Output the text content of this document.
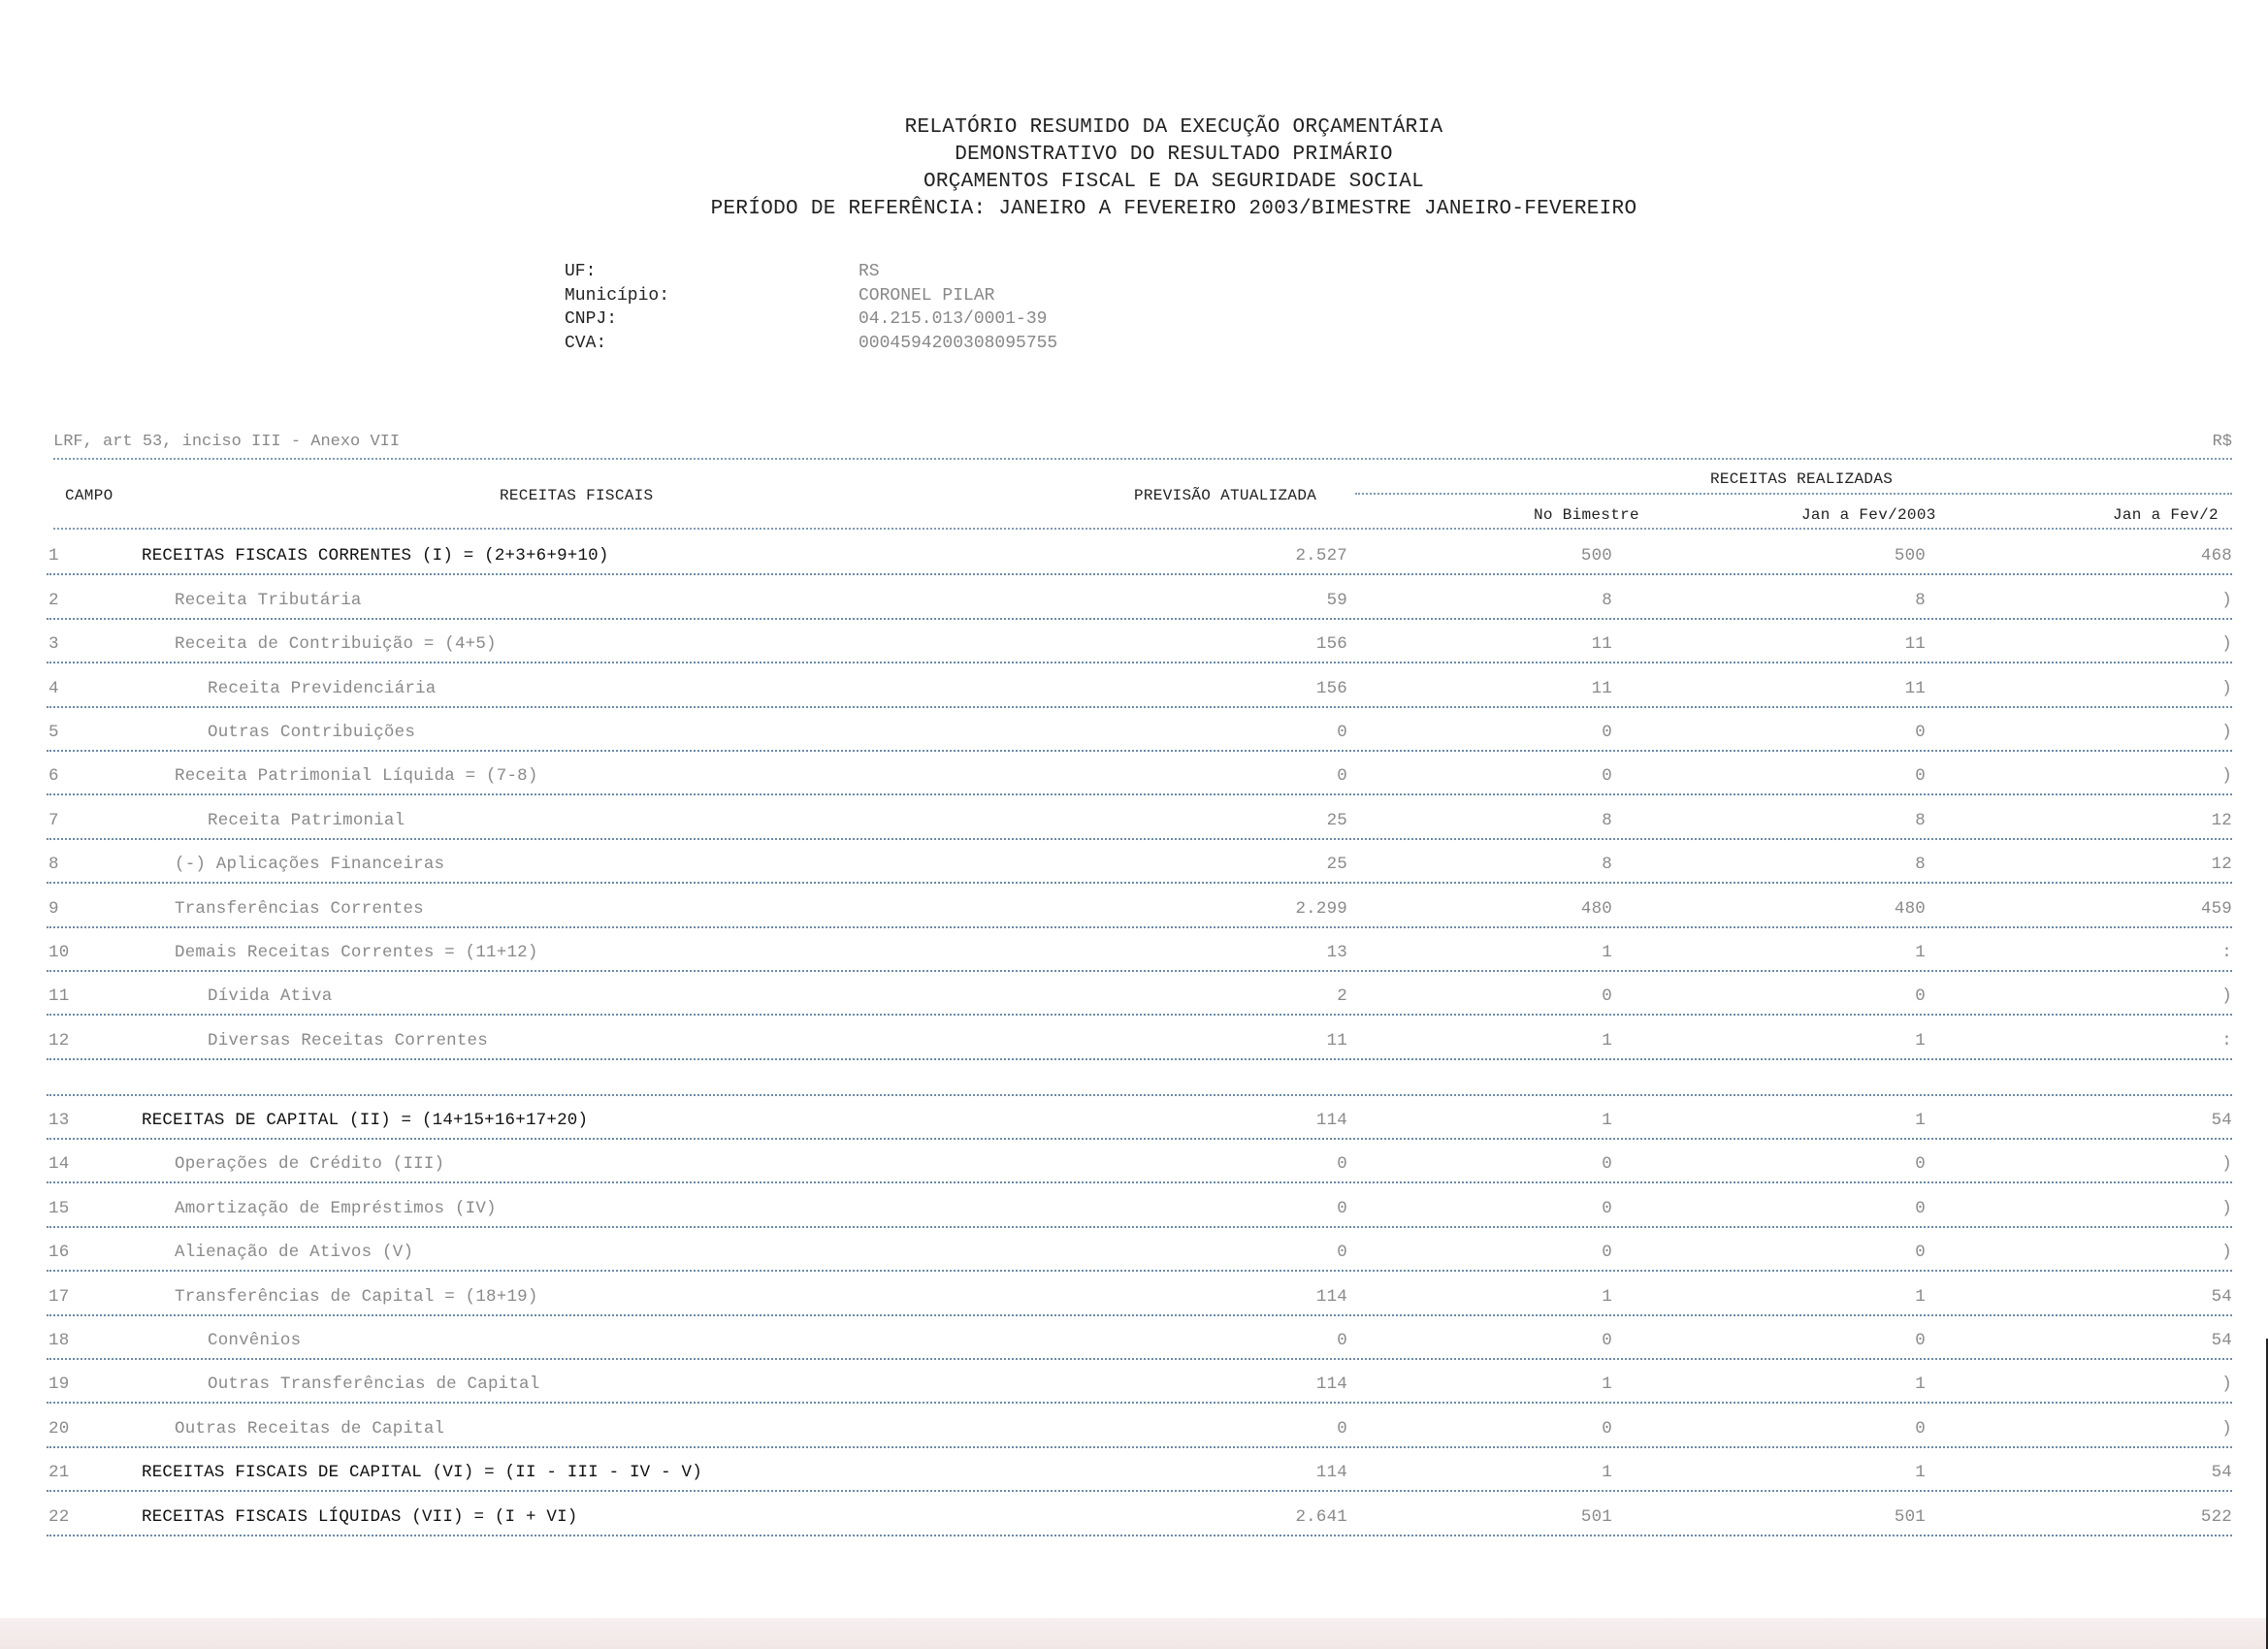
RELATÓRIO RESUMIDO DA EXECUÇÃO ORÇAMENTÁRIA
DEMONSTRATIVO DO RESULTADO PRIMÁRIO
ORÇAMENTOS FISCAL E DA SEGURIDADE SOCIAL
PERÍODO DE REFERÊNCIA: JANEIRO A FEVEREIRO 2003/BIMESTRE JANEIRO-FEVEREIRO
UF:	RS
Município:	CORONEL PILAR
CNPJ:	04.215.013/0001-39
CVA:	0004594200308095755
LRF, art 53, inciso III - Anexo VII	R$
CAMPO	RECEITAS FISCAIS	PREVISÃO ATUALIZADA
RECEITAS REALIZADAS
No Bimestre	Jan a Fev/2003	Jan a Fev/2
1	RECEITAS FISCAIS CORRENTES (I) = (2+3+6+9+10)	2.527	500	500	468
2	Receita Tributária	59	8	8	(
3	Receita de Contribuição = (4+5)	156	11	11	(
4	Receita Previdenciária	156	11	11	(
5	Outras Contribuições	0	0	0	(
6	Receita Patrimonial Líquida = (7-8)	0	0	0	(
7	Receita Patrimonial	25	8	8	12
8	(-) Aplicações Financeiras	25	8	8	12
9	Transferências Correntes	2.299	480	480	459
10	Demais Receitas Correntes = (11+12)	13	1	1	:
11	Dívida Ativa	2	0	0	(
12	Diversas Receitas Correntes	11	1	1	:
13	RECEITAS DE CAPITAL (II) = (14+15+16+17+20)	114	1	1	54
14	Operações de Crédito (III)	0	0	0	(
15	Amortização de Empréstimos (IV)	0	0	0	(
16	Alienação de Ativos (V)	0	0	0	(
17	Transferências de Capital = (18+19)	114	1	1	54
18	Convênios	0	0	0	54
19	Outras Transferências de Capital	114	1	1	(
20	Outras Receitas de Capital	0	0	0	(
21	RECEITAS FISCAIS DE CAPITAL (VI) = (II - III - IV - V)	114	1	1	54
22	RECEITAS FISCAIS LÍQUIDAS (VII) = (I + VI)	2.641	501	501	522
